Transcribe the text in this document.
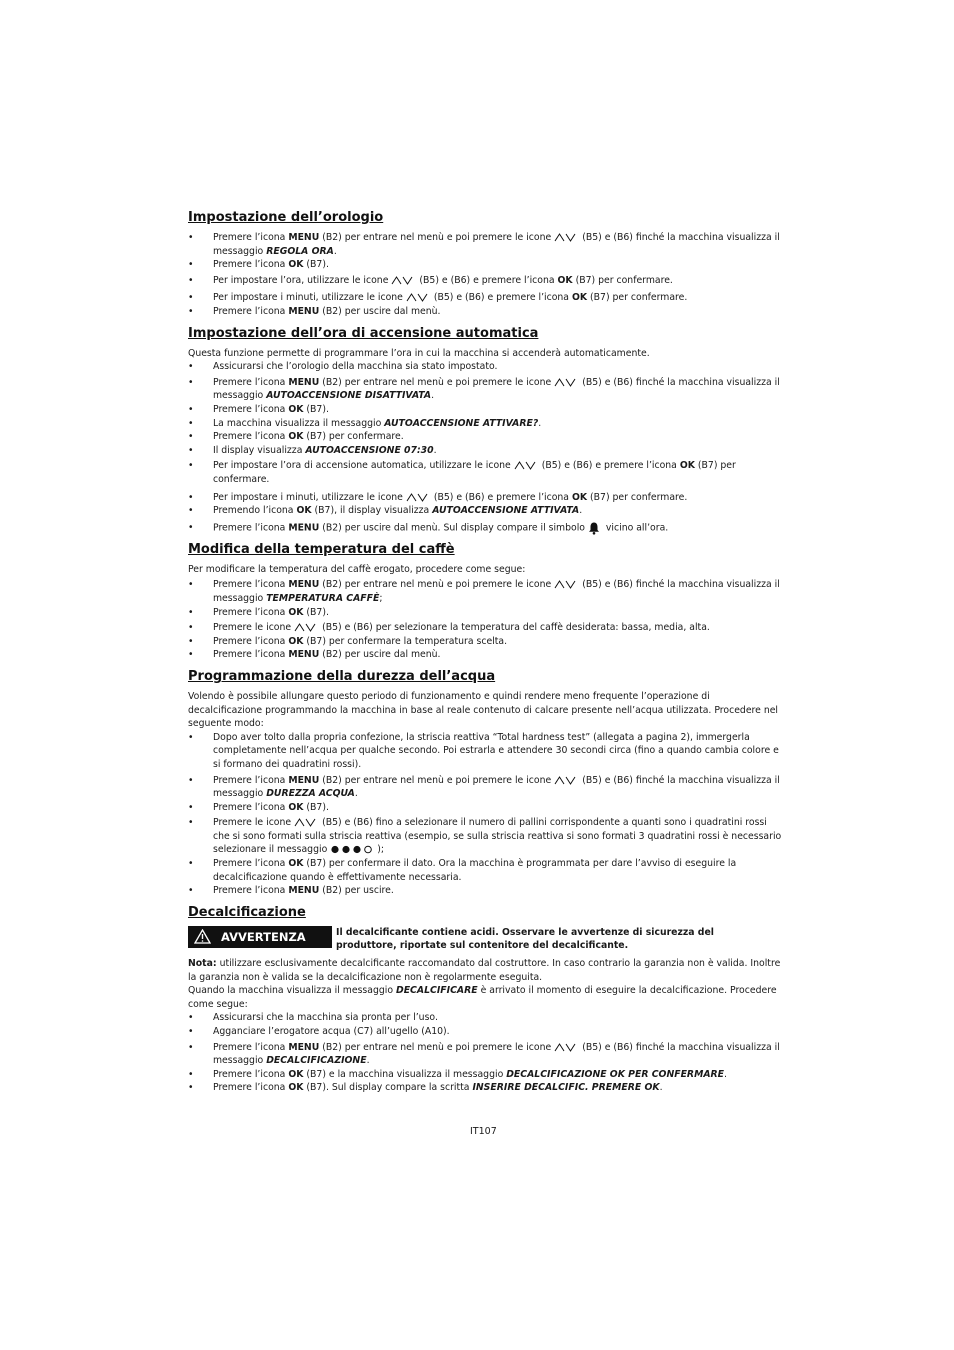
Impostazione dell’orologio
• Premere l’icona MENU (B2) per entrare nel menù e poi premere le icone	(B5) e (B6) finché la macchina visualizza il messaggio REGOLA ORA.
• Premere l’icona OK (B7).
• Per impostare l’ora, utilizzare le icone	(B5) e (B6) e premere l’icona OK (B7) per confermare.
• Per impostare i minuti, utilizzare le icone	(B5) e (B6) e premere l’icona OK (B7) per confermare.
• Premere l’icona MENU (B2) per uscire dal menù.
Impostazione dell’ora di accensione automatica

Questa funzione permette di programmare l’ora in cui la macchina si accenderà automaticamente.

• Assicurarsi che l’orologio della macchina sia stato impostato.
• Premere l’icona MENU (B2) per entrare nel menù e poi premere le icone	(B5) e (B6) finché la macchina visualizza il messaggio AUTOACCENSIONE DISATTIVATA.
• Premere l’icona OK (B7).
• La macchina visualizza il messaggio AUTOACCENSIONE ATTIVARE?.
• Premere l’icona OK (B7) per confermare.
• Il display visualizza AUTOACCENSIONE 07:30.
• Per impostare l’ora di accensione automatica, utilizzare le icone	(B5) e (B6) e premere l’icona OK (B7) per confermare.
• Per impostare i minuti, utilizzare le icone	(B5) e (B6) e premere l’icona OK (B7) per confermare.
• Premendo l’icona OK (B7), il display visualizza AUTOACCENSIONE ATTIVATA.
• Premere l’icona MENU (B2) per uscire dal menù. Sul display compare il simbolo vicino all’ora.
Modifica della temperatura del caffè

Per modificare la temperatura del caffè erogato, procedere come segue:

• Premere l’icona MENU (B2) per entrare nel menù e poi premere le icone	(B5) e (B6) finché la macchina visualizza il messaggio TEMPERATURA CAFFÈ;
• Premere l’icona OK (B7).
• Premere le icone	(B5) e (B6) per selezionare la temperatura del caffè desiderata: bassa, media, alta.
• Premere l’icona OK (B7) per confermare la temperatura scelta.
• Premere l’icona MENU (B2) per uscire dal menù.
Programmazione della durezza dell’acqua

Volendo è possibile allungare questo periodo di funzionamento e quindi rendere meno frequente l’operazione di decalcificazione programmando la macchina in base al reale contenuto di calcare presente nell’acqua utilizzata. Procedere nel seguente modo:

• Dopo aver tolto dalla propria confezione, la striscia reattiva “Total hardness test” (allegata a pagina 2), immergerla completamente nell’acqua per qualche secondo. Poi estrarla e attendere 30 secondi circa (fino a quando cambia colore e si formano dei quadratini rossi).
• Premere l’icona MENU (B2) per entrare nel menù e poi premere le icone	(B5) e (B6) finché la macchina visualizza il messaggio DUREZZA ACQUA.
• Premere l’icona OK (B7).
• Premere le icone	(B5) e (B6) fino a selezionare il numero di pallini corrispondente a quanti sono i quadratini rossi che si sono formati sulla striscia reattiva (esempio, se sulla striscia reattiva si sono formati 3 quadratini rossi è necessario selezionare il messaggio	);
• Premere l’icona OK (B7) per confermare il dato. Ora la macchina è programmata per dare l’avviso di eseguire la decalcificazione quando è effettivamente necessaria.
• Premere l’icona MENU (B2) per uscire.
Decalcificazione
AVVERTENZA	Il decalcificante contiene acidi. Osservare le avvertenze di sicurezza del produttore, riportate sul contenitore del decalcificante.

Nota: utilizzare esclusivamente decalcificante raccomandato dal costruttore. In caso contrario la garanzia non è valida. Inoltre la garanzia non è valida se la decalcificazione non è regolarmente eseguita.

Quando la macchina visualizza il messaggio DECALCIFICARE è arrivato il momento di eseguire la decalcificazione. Procedere come segue:

• Assicurarsi che la macchina sia pronta per l’uso.
• Agganciare l’erogatore acqua (C7) all’ugello (A10).
• Premere l’icona MENU (B2) per entrare nel menù e poi premere le icone	(B5) e (B6) finché la macchina visualizza il messaggio DECALCIFICAZIONE.
• Premere l’icona OK (B7) e la macchina visualizza il messaggio DECALCIFICAZIONE OK PER CONFERMARE.
• Premere l’icona OK (B7). Sul display compare la scritta INSERIRE DECALCIFIC. PREMERE OK.
IT107
